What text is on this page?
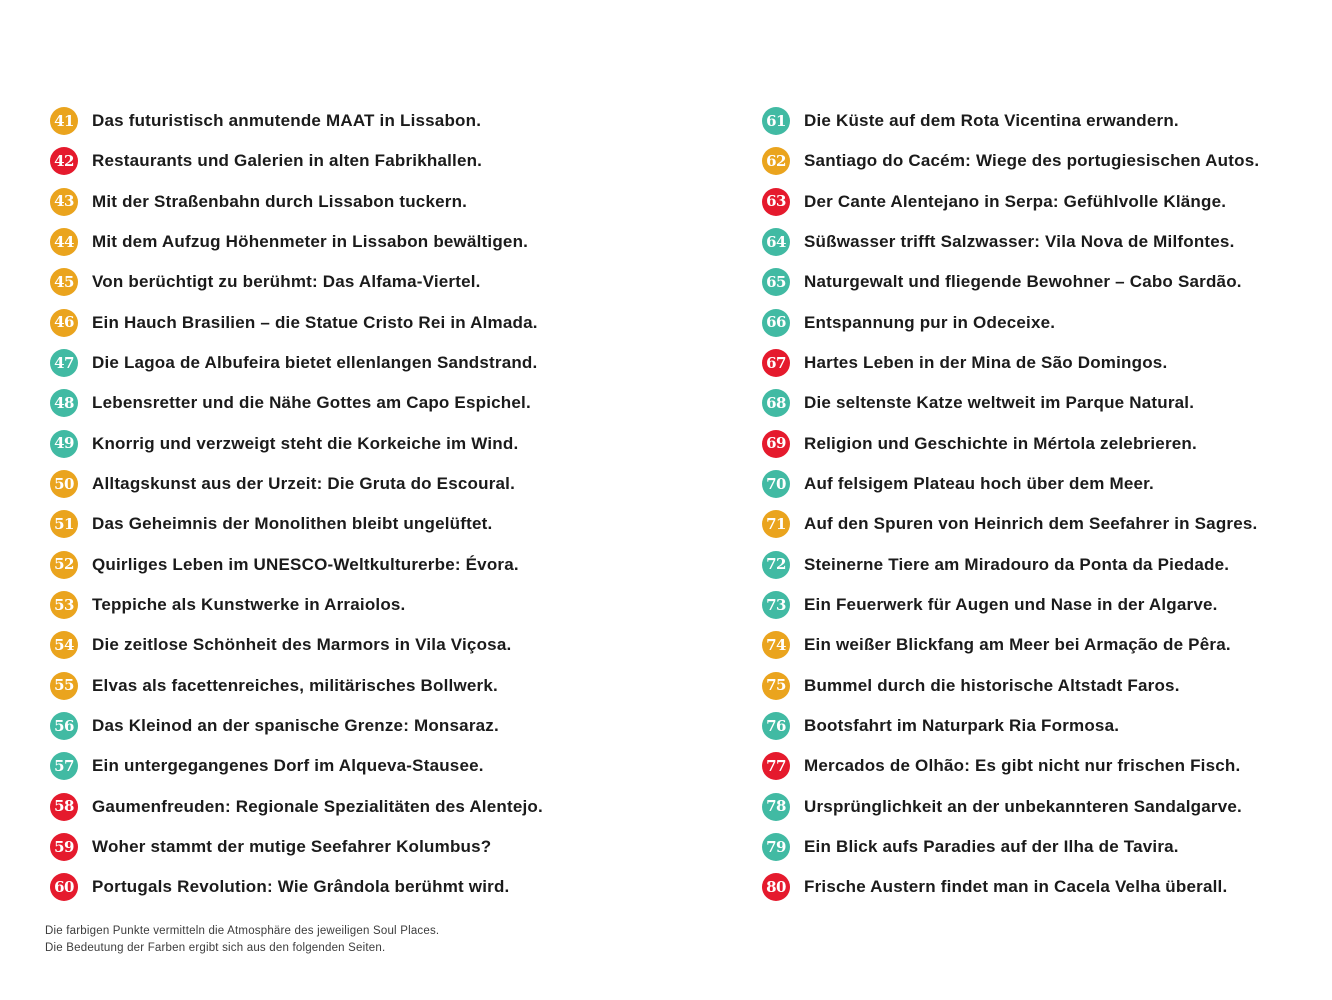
41 Das futuristisch anmutende MAAT in Lissabon.
42 Restaurants und Galerien in alten Fabrikhallen.
43 Mit der Straßenbahn durch Lissabon tuckern.
44 Mit dem Aufzug Höhenmeter in Lissabon bewältigen.
45 Von berüchtigt zu berühmt: Das Alfama-Viertel.
46 Ein Hauch Brasilien – die Statue Cristo Rei in Almada.
47 Die Lagoa de Albufeira bietet ellenlangen Sandstrand.
48 Lebensretter und die Nähe Gottes am Capo Espichel.
49 Knorrig und verzweigt steht die Korkeiche im Wind.
50 Alltagskunst aus der Urzeit: Die Gruta do Escoural.
51 Das Geheimnis der Monolithen bleibt ungelüftet.
52 Quirliges Leben im UNESCO-Weltkulturerbe: Évora.
53 Teppiche als Kunstwerke in Arraiolos.
54 Die zeitlose Schönheit des Marmors in Vila Viçosa.
55 Elvas als facettenreiches, militärisches Bollwerk.
56 Das Kleinod an der spanische Grenze: Monsaraz.
57 Ein untergegangenes Dorf im Alqueva-Stausee.
58 Gaumenfreuden: Regionale Spezialitäten des Alentejo.
59 Woher stammt der mutige Seefahrer Kolumbus?
60 Portugals Revolution: Wie Grândola berühmt wird.
61 Die Küste auf dem Rota Vicentina erwandern.
62 Santiago do Cacém: Wiege des portugiesischen Autos.
63 Der Cante Alentejano in Serpa: Gefühlvolle Klänge.
64 Süßwasser trifft Salzwasser: Vila Nova de Milfontes.
65 Naturgewalt und fliegende Bewohner – Cabo Sardão.
66 Entspannung pur in Odeceixe.
67 Hartes Leben in der Mina de São Domingos.
68 Die seltenste Katze weltweit im Parque Natural.
69 Religion und Geschichte in Mértola zelebrieren.
70 Auf felsigem Plateau hoch über dem Meer.
71 Auf den Spuren von Heinrich dem Seefahrer in Sagres.
72 Steinerne Tiere am Miradouro da Ponta da Piedade.
73 Ein Feuerwerk für Augen und Nase in der Algarve.
74 Ein weißer Blickfang am Meer bei Armação de Pêra.
75 Bummel durch die historische Altstadt Faros.
76 Bootsfahrt im Naturpark Ria Formosa.
77 Mercados de Olhão: Es gibt nicht nur frischen Fisch.
78 Ursprünglichkeit an der unbekannteren Sandalgarve.
79 Ein Blick aufs Paradies auf der Ilha de Tavira.
80 Frische Austern findet man in Cacela Velha überall.

Die farbigen Punkte vermitteln die Atmosphäre des jeweiligen Soul Places.

Die Bedeutung der Farben ergibt sich aus den folgenden Seiten.
